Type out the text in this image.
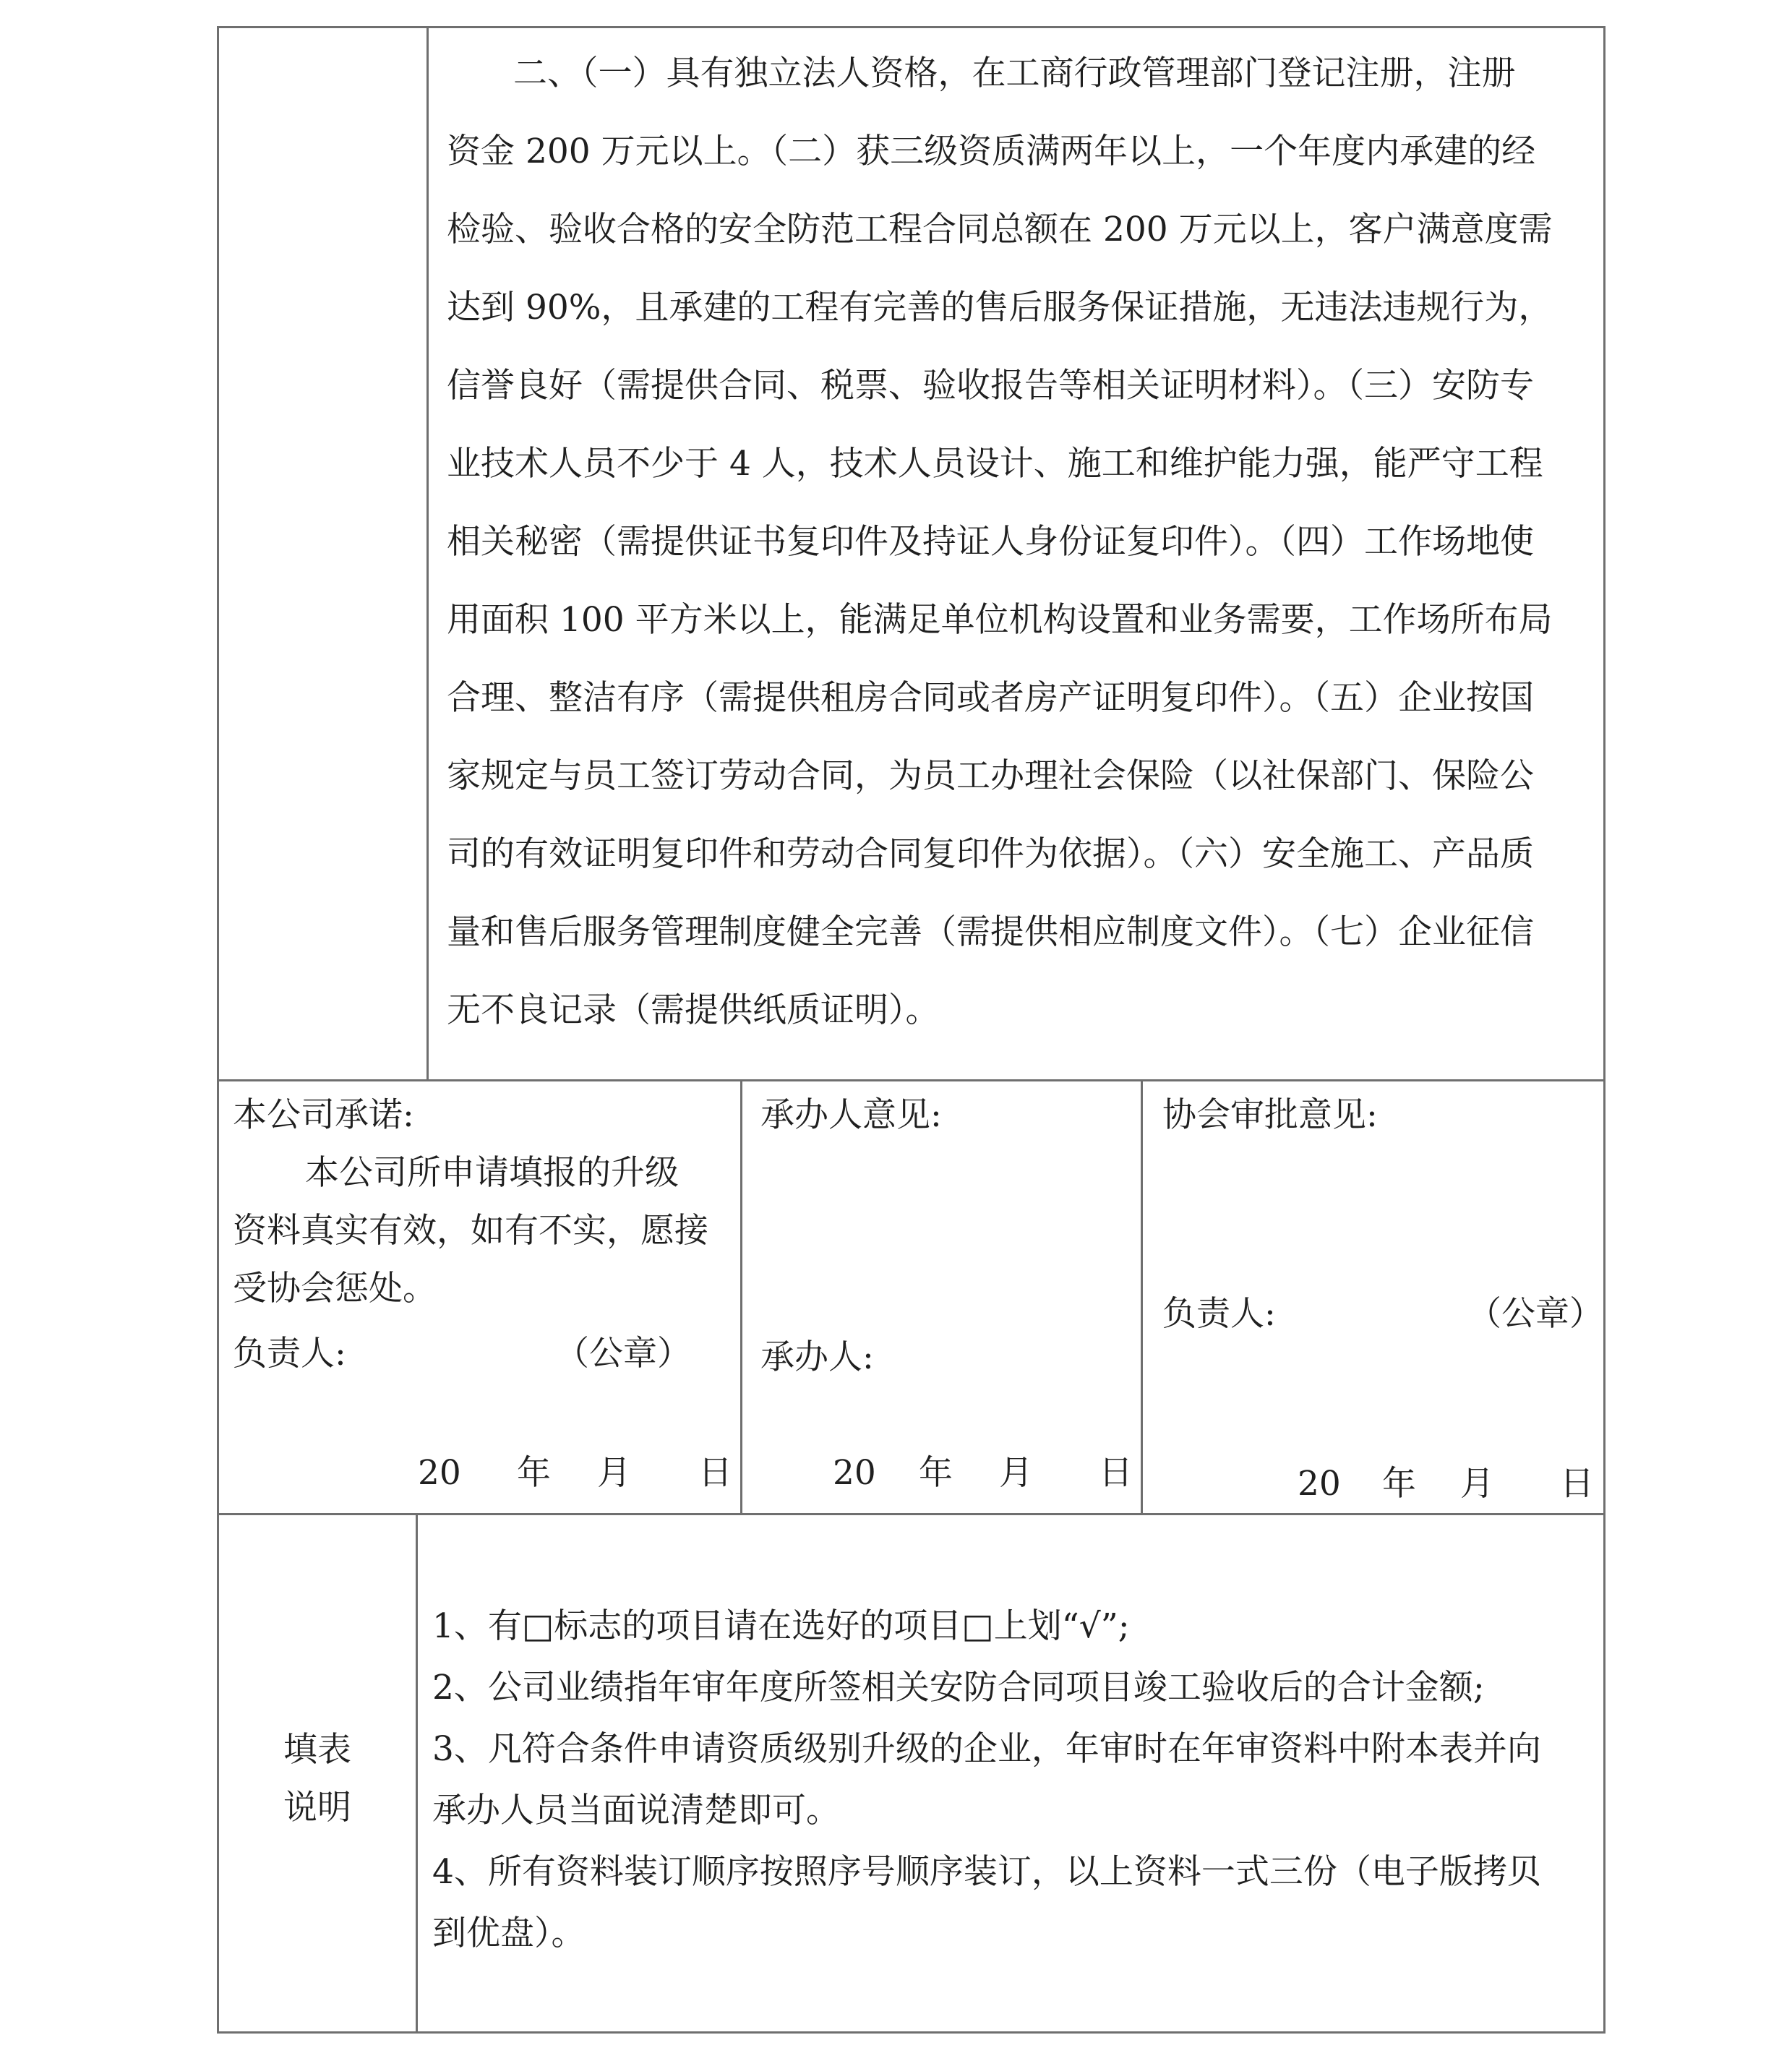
二、（一）具有独立法人资格，在工商行政管理部门登记注册，注册
资金 200 万元以上。（二）获三级资质满两年以上，一个年度内承建的经
检验、验收合格的安全防范工程合同总额在 200 万元以上，客户满意度需
达到 90%，且承建的工程有完善的售后服务保证措施，无违法违规行为，
信誉良好（需提供合同、税票、验收报告等相关证明材料）。（三）安防专
业技术人员不少于 4 人，技术人员设计、施工和维护能力强，能严守工程
相关秘密（需提供证书复印件及持证人身份证复印件）。（四）工作场地使
用面积 100 平方米以上，能满足单位机构设置和业务需要，工作场所布局
合理、整洁有序（需提供租房合同或者房产证明复印件）。（五）企业按国
家规定与员工签订劳动合同，为员工办理社会保险（以社保部门、保险公
司的有效证明复印件和劳动合同复印件为依据）。（六）安全施工、产品质
量和售后服务管理制度健全完善（需提供相应制度文件）。（七）企业征信
无不良记录（需提供纸质证明）。
本公司承诺:
本公司所申请填报的升级
资料真实有效，如有不实，愿接
受协会惩处。
负责人:	（公章）
20 年 月 日
承办人意见:
承办人:
20 年 月 日
协会审批意见:
负责人:	（公章）
20 年 月 日
填表
说明
1、有□标志的项目请在选好的项目□上划“√”;
2、公司业绩指年审年度所签相关安防合同项目竣工验收后的合计金额;
3、凡符合条件申请资质级别升级的企业，年审时在年审资料中附本表并向
承办人员当面说清楚即可。
4、所有资料装订顺序按照序号顺序装订，以上资料一式三份（电子版拷贝
到优盘）。
